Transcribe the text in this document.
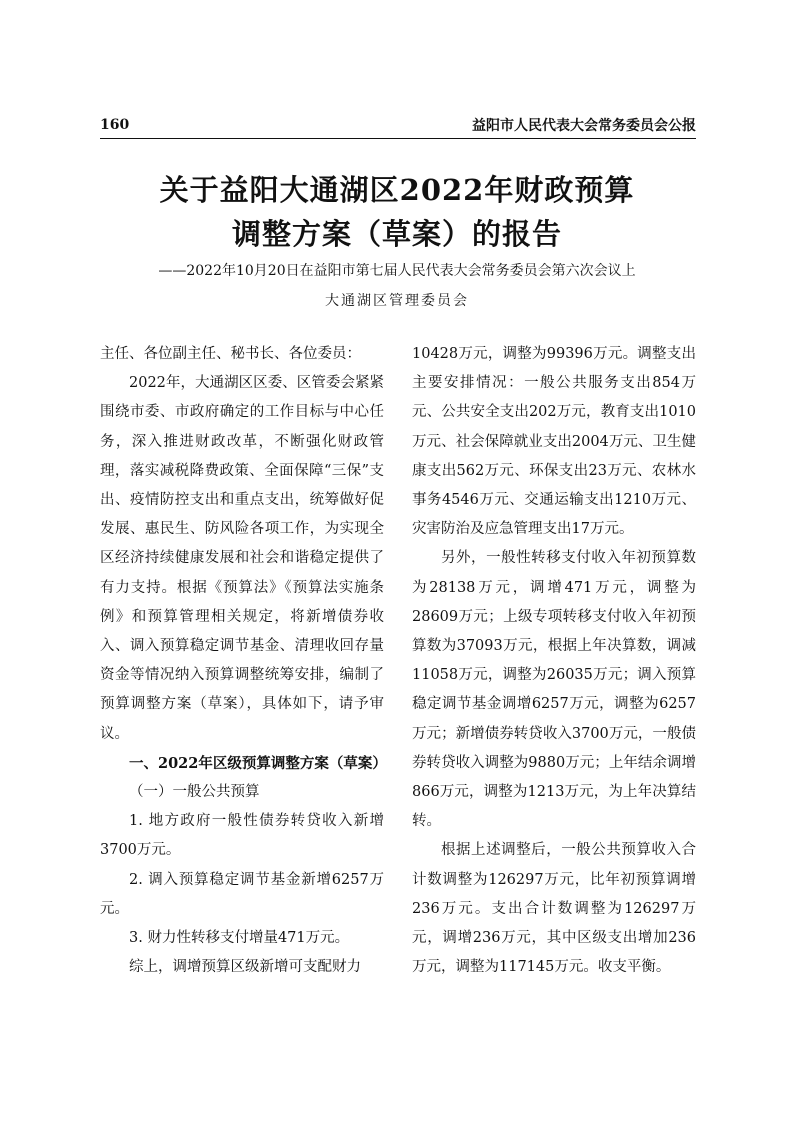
160	益阳市人民代表大会常务委员会公报
关于益阳大通湖区2022年财政预算
调整方案（草案）的报告
——2022年10月20日在益阳市第七届人民代表大会常务委员会第六次会议上
大通湖区管理委员会

主任、各位副主任、秘书长、各位委员：

2022年，大通湖区区委、区管委会紧紧围绕市委、市政府确定的工作目标与中心任务，深入推进财政改革，不断强化财政管理，落实减税降费政策、全面保障“三保”支出、疫情防控支出和重点支出，统筹做好促发展、惠民生、防风险各项工作，为实现全区经济持续健康发展和社会和谐稳定提供了有力支持。根据《预算法》《预算法实施条例》和预算管理相关规定，将新增债券收入、调入预算稳定调节基金、清理收回存量资金等情况纳入预算调整统筹安排，编制了预算调整方案（草案），具体如下，请予审议。

一、2022年区级预算调整方案（草案）

（一）一般公共预算

1. 地方政府一般性债券转贷收入新增3700万元。

2. 调入预算稳定调节基金新增6257万元。

3. 财力性转移支付增量471万元。

综上，调增预算区级新增可支配财力

10428万元，调整为99396万元。调整支出主要安排情况：一般公共服务支出854万元、公共安全支出202万元，教育支出1010万元、社会保障就业支出2004万元、卫生健康支出562万元、环保支出23万元、农林水事务4546万元、交通运输支出1210万元、灾害防治及应急管理支出17万元。

另外，一般性转移支付收入年初预算数为28138万元，调增471万元，调整为28609万元；上级专项转移支付收入年初预算数为37093万元，根据上年决算数，调减11058万元，调整为26035万元；调入预算稳定调节基金调增6257万元，调整为6257万元；新增债券转贷收入3700万元，一般债券转贷收入调整为9880万元；上年结余调增866万元，调整为1213万元，为上年决算结转。

根据上述调整后，一般公共预算收入合计数调整为126297万元，比年初预算调增236万元。支出合计数调整为126297万元，调增236万元，其中区级支出增加236万元，调整为117145万元。收支平衡。
